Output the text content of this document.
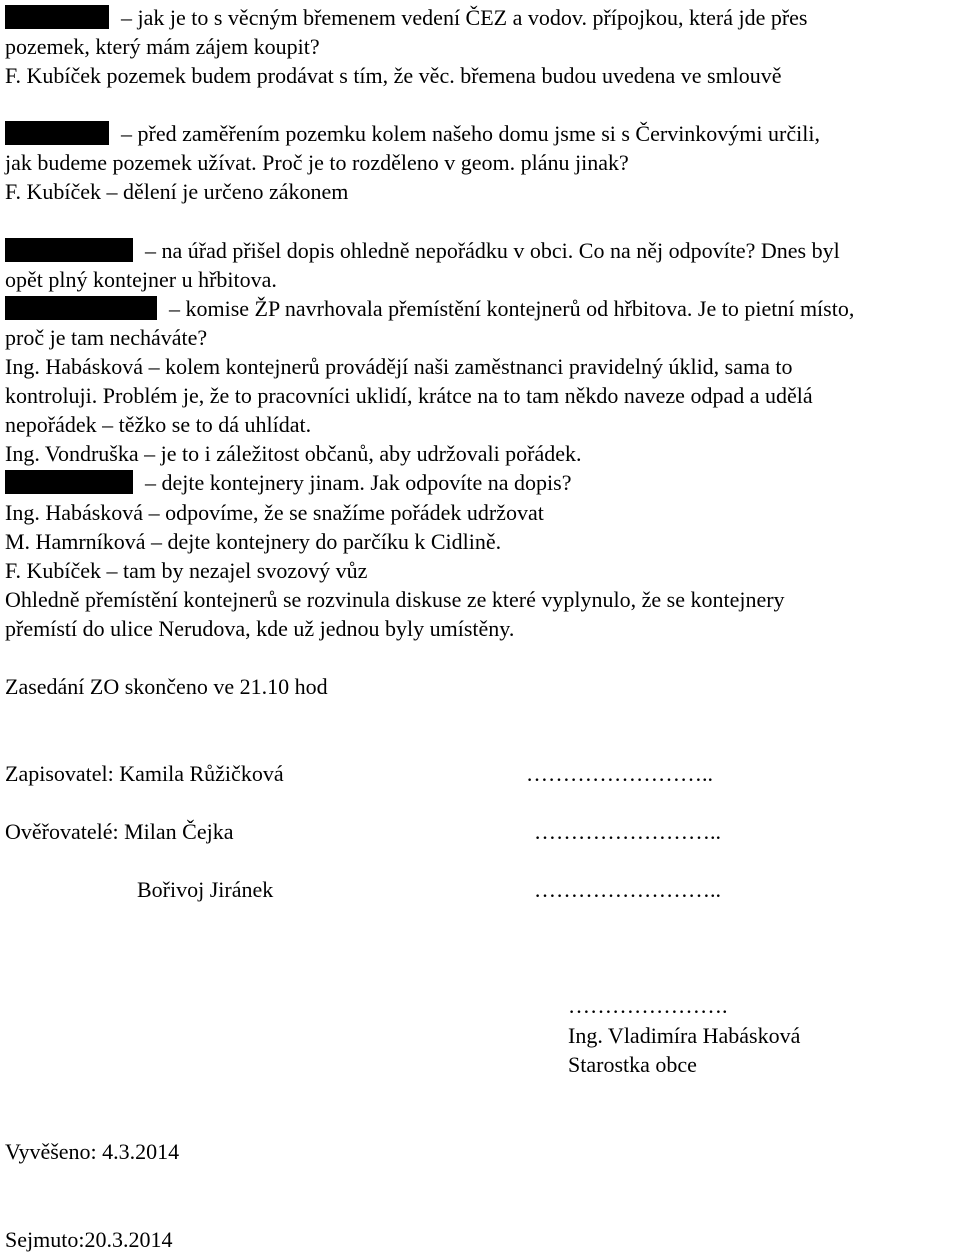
– jak je to s věcným břemenem vedení ČEZ a vodov. přípojkou, která jde přes
pozemek, který mám zájem koupit?
F. Kubíček pozemek budem prodávat s tím, že věc. břemena budou uvedena ve smlouvě
– před zaměřením pozemku kolem našeho domu jsme si s Červinkovými určili,
jak budeme pozemek užívat. Proč je to rozděleno v geom. plánu jinak?
F. Kubíček – dělení je určeno zákonem
– na úřad přišel dopis ohledně nepořádku v obci. Co na něj odpovíte? Dnes byl
opět plný kontejner u hřbitova.
– komise ŽP navrhovala přemístění kontejnerů od hřbitova. Je to pietní místo,
proč je tam necháváte?
Ing. Habásková – kolem kontejnerů provádějí naši zaměstnanci pravidelný úklid, sama to
kontroluji. Problém je, že to pracovníci uklidí, krátce na to tam někdo naveze odpad a udělá
nepořádek – těžko se to dá uhlídat.
Ing. Vondruška – je to i záležitost občanů, aby udržovali pořádek.
– dejte kontejnery jinam. Jak odpovíte na dopis?
Ing. Habásková – odpovíme, že se snažíme pořádek udržovat
M. Hamrníková – dejte kontejnery do parčíku k Cidlině.
F. Kubíček – tam by nezajel svozový vůz
Ohledně přemístění kontejnerů se rozvinula diskuse ze které vyplynulo, že se kontejnery
přemístí do ulice Nerudova, kde už jednou byly umístěny.
Zasedání ZO skončeno ve 21.10 hod
Zapisovatel: Kamila Růžičková	……………………..
Ověřovatelé: Milan Čejka	……………………..
Bořivoj Jiránek	……………………..
………………….
Ing. Vladimíra Habásková
Starostka obce
Vyvěšeno: 4.3.2014
Sejmuto:20.3.2014
